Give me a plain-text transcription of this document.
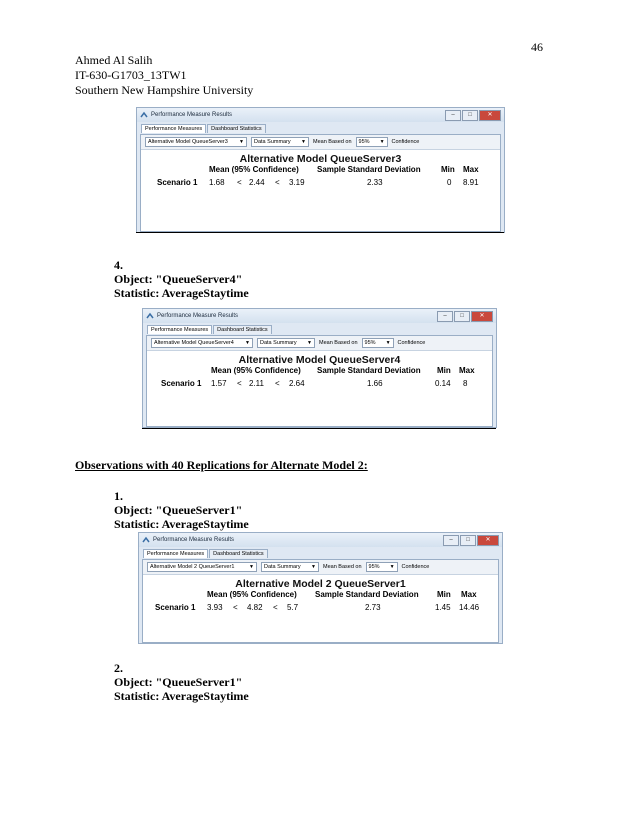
46
Ahmed Al Salih
IT-630-G1703_13TW1
Southern New Hampshire University
Performance Measure Results	–	□	✕
Performance Measures	Dashboard Statistics
Alternative Model QueueServer3 ▼ Data Summary ▼ Mean Based on 95% ▼ Confidence
Alternative Model QueueServer3
Mean (95% Confidence) Sample Standard Deviation	Min Max
Scenario 1 1.68 < 2.44 < 3.19	2.33	0 8.91
4.
Object: "QueueServer4"
Statistic: AverageStaytime
Performance Measure Results	–	□	✕
Performance Measures	Dashboard Statistics
Alternative Model QueueServer4 ▼ Data Summary ▼ Mean Based on 95% ▼ Confidence
Alternative Model QueueServer4
Mean (95% Confidence) Sample Standard Deviation Min Max
Scenario 1 1.57 < 2.11 < 2.64	1.66	0.14 8
Observations with 40 Replications for Alternate Model 2:
1.
Object: "QueueServer1"
Statistic: AverageStaytime
Performance Measure Results	–	□	✕
Performance Measures	Dashboard Statistics
Alternative Model 2 QueueServer1	▼ Data Summary ▼ Mean Based on 95% ▼ Confidence
Alternative Model 2 QueueServer1
Mean (95% Confidence) Sample Standard Deviation Min Max
Scenario 1 3.93 < 4.82 < 5.7	2.73	1.45 14.46
2.
Object: "QueueServer1"
Statistic: AverageStaytime
